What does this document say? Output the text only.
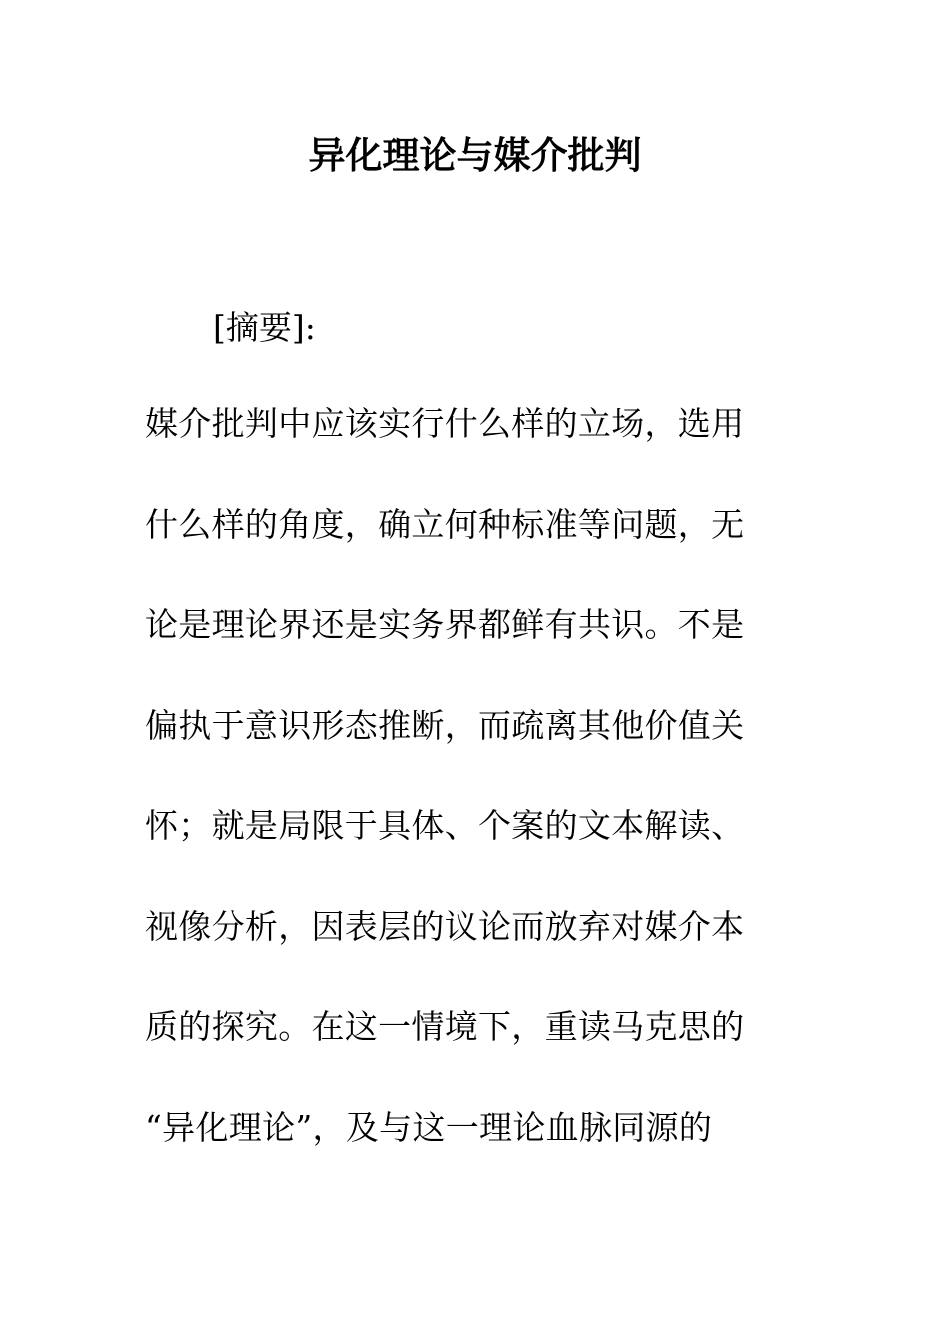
异化理论与媒介批判

[摘要]:

媒介批判中应该实行什么样的立场，选用
什么样的角度，确立何种标准等问题，无
论是理论界还是实务界都鲜有共识。不是
偏执于意识形态推断，而疏离其他价值关
怀；就是局限于具体、个案的文本解读、
视像分析，因表层的议论而放弃对媒介本
质的探究。在这一情境下，重读马克思的
“异化理论”，及与这一理论血脉同源的
